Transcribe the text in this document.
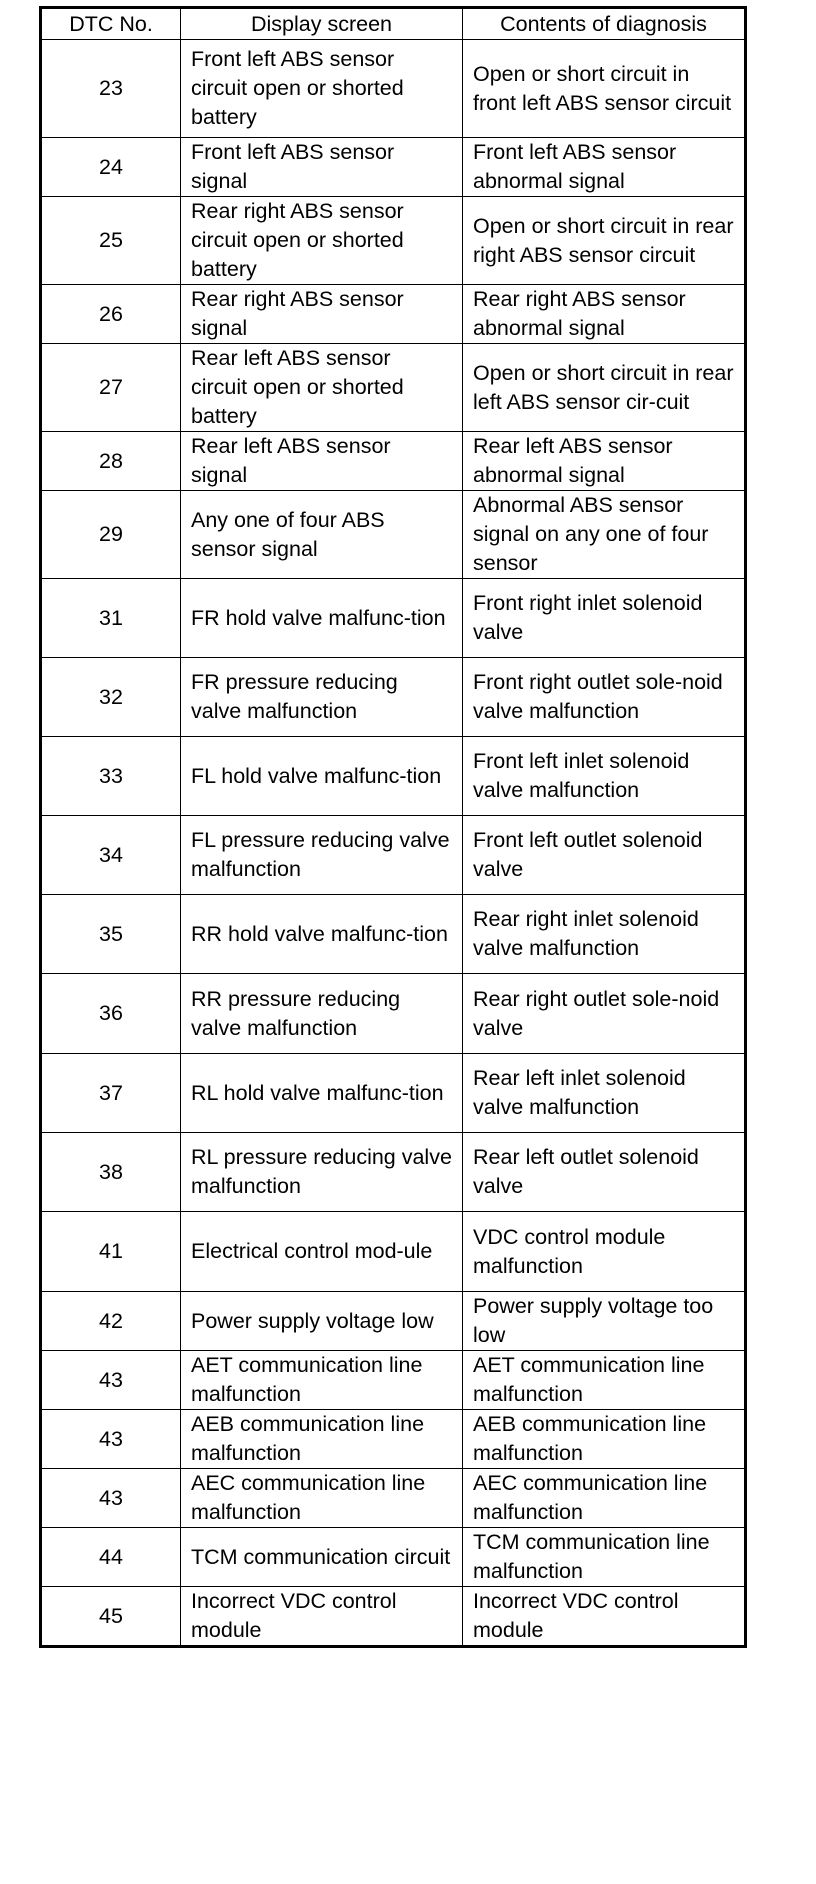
DTC No.	Display screen	Contents of diagnosis
23	Front left ABS sensor circuit open or shorted battery	Open or short circuit in front left ABS sensor circuit
24	Front left ABS sensor signal	Front left ABS sensor abnormal signal
25	Rear right ABS sensor circuit open or shorted battery	Open or short circuit in rear right ABS sensor circuit
26	Rear right ABS sensor signal	Rear right ABS sensor abnormal signal
27	Rear left ABS sensor circuit open or shorted battery	Open or short circuit in rear left ABS sensor cir-cuit
28	Rear left ABS sensor signal	Rear left ABS sensor abnormal signal
29	Any one of four ABS sensor signal	Abnormal ABS sensor signal on any one of four sensor
31	FR hold valve malfunc-tion	Front right inlet solenoid valve
32	FR pressure reducing valve malfunction	Front right outlet sole-noid valve malfunction
33	FL hold valve malfunc-tion	Front left inlet solenoid valve malfunction
34	FL pressure reducing valve malfunction	Front left outlet solenoid valve
35	RR hold valve malfunc-tion	Rear right inlet solenoid valve malfunction
36	RR pressure reducing valve malfunction	Rear right outlet sole-noid valve
37	RL hold valve malfunc-tion	Rear left inlet solenoid valve malfunction
38	RL pressure reducing valve malfunction	Rear left outlet solenoid valve
41	Electrical control mod-ule	VDC control module malfunction
42	Power supply voltage low	Power supply voltage too low
43	AET communication line malfunction	AET communication line malfunction
43	AEB communication line malfunction	AEB communication line malfunction
43	AEC communication line malfunction	AEC communication line malfunction
44	TCM communication circuit	TCM communication line malfunction
45	Incorrect VDC control module	Incorrect VDC control module
